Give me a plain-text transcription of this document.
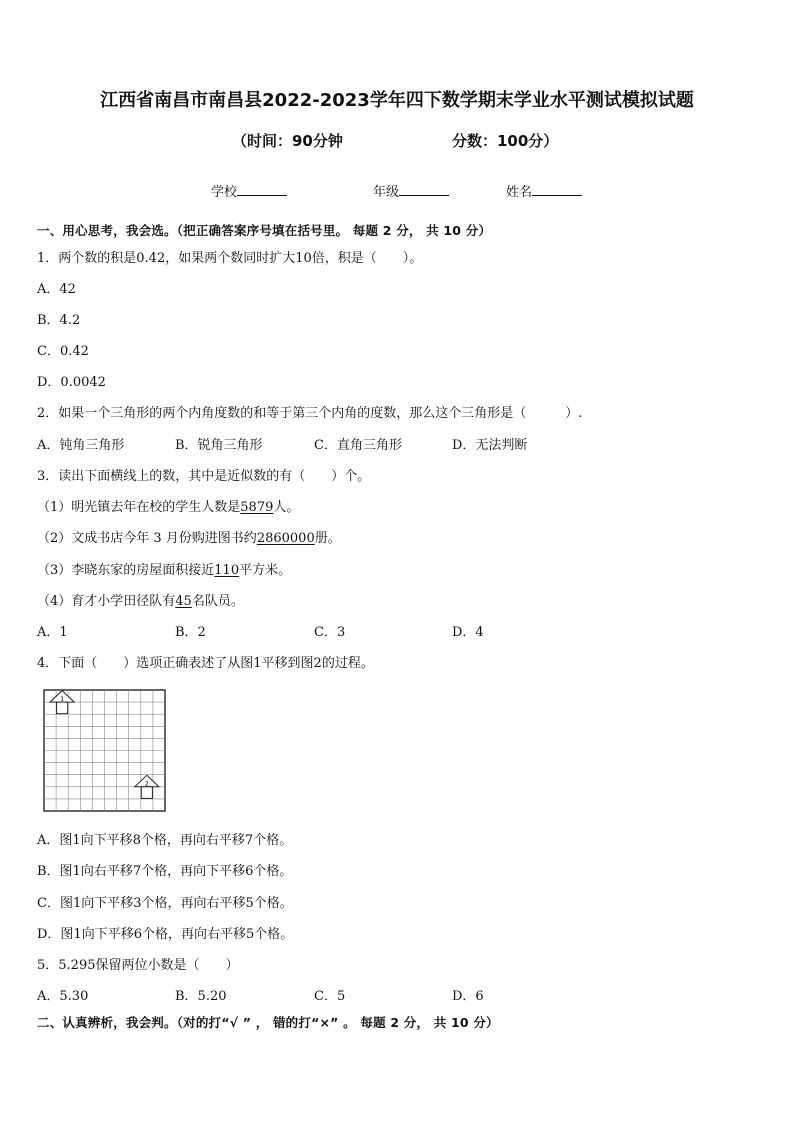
江西省南昌市南昌县2022-2023学年四下数学期末学业水平测试模拟试题
（时间：90分钟	分数：100分）
学校	年级	姓名
一、用心思考，我会选。（把正确答案序号填在括号里。 每题 2 分， 共 10 分）
1．两个数的积是0.42，如果两个数同时扩大10倍，积是（　　）。
A．42
B．4.2
C．0.42
D．0.0042
2．如果一个三角形的两个内角度数的和等于第三个内角的度数，那么这个三角形是（　　　）.
A．钝角三角形	B．锐角三角形	C．直角三角形	D．无法判断
3．读出下面横线上的数，其中是近似数的有（　　）个。
（1）明光镇去年在校的学生人数是5879人。
（2）文成书店今年 3 月份购进图书约2860000册。
（3）李晓东家的房屋面积接近110平方米。
（4）育才小学田径队有45名队员。
A．1	B．2	C．3	D．4
4．下面（　　）选项正确表述了从图1平移到图2的过程。
1
2
A．图1向下平移8个格，再向右平移7个格。
B．图1向右平移7个格，再向下平移6个格。
C．图1向下平移3个格，再向右平移5个格。
D．图1向下平移6个格，再向右平移5个格。
5．5.295保留两位小数是（　　）
A．5.30	B．5.20	C．5	D．6
二、认真辨析，我会判。（对的打“√ ” ， 错的打“×” 。 每题 2 分， 共 10 分）
